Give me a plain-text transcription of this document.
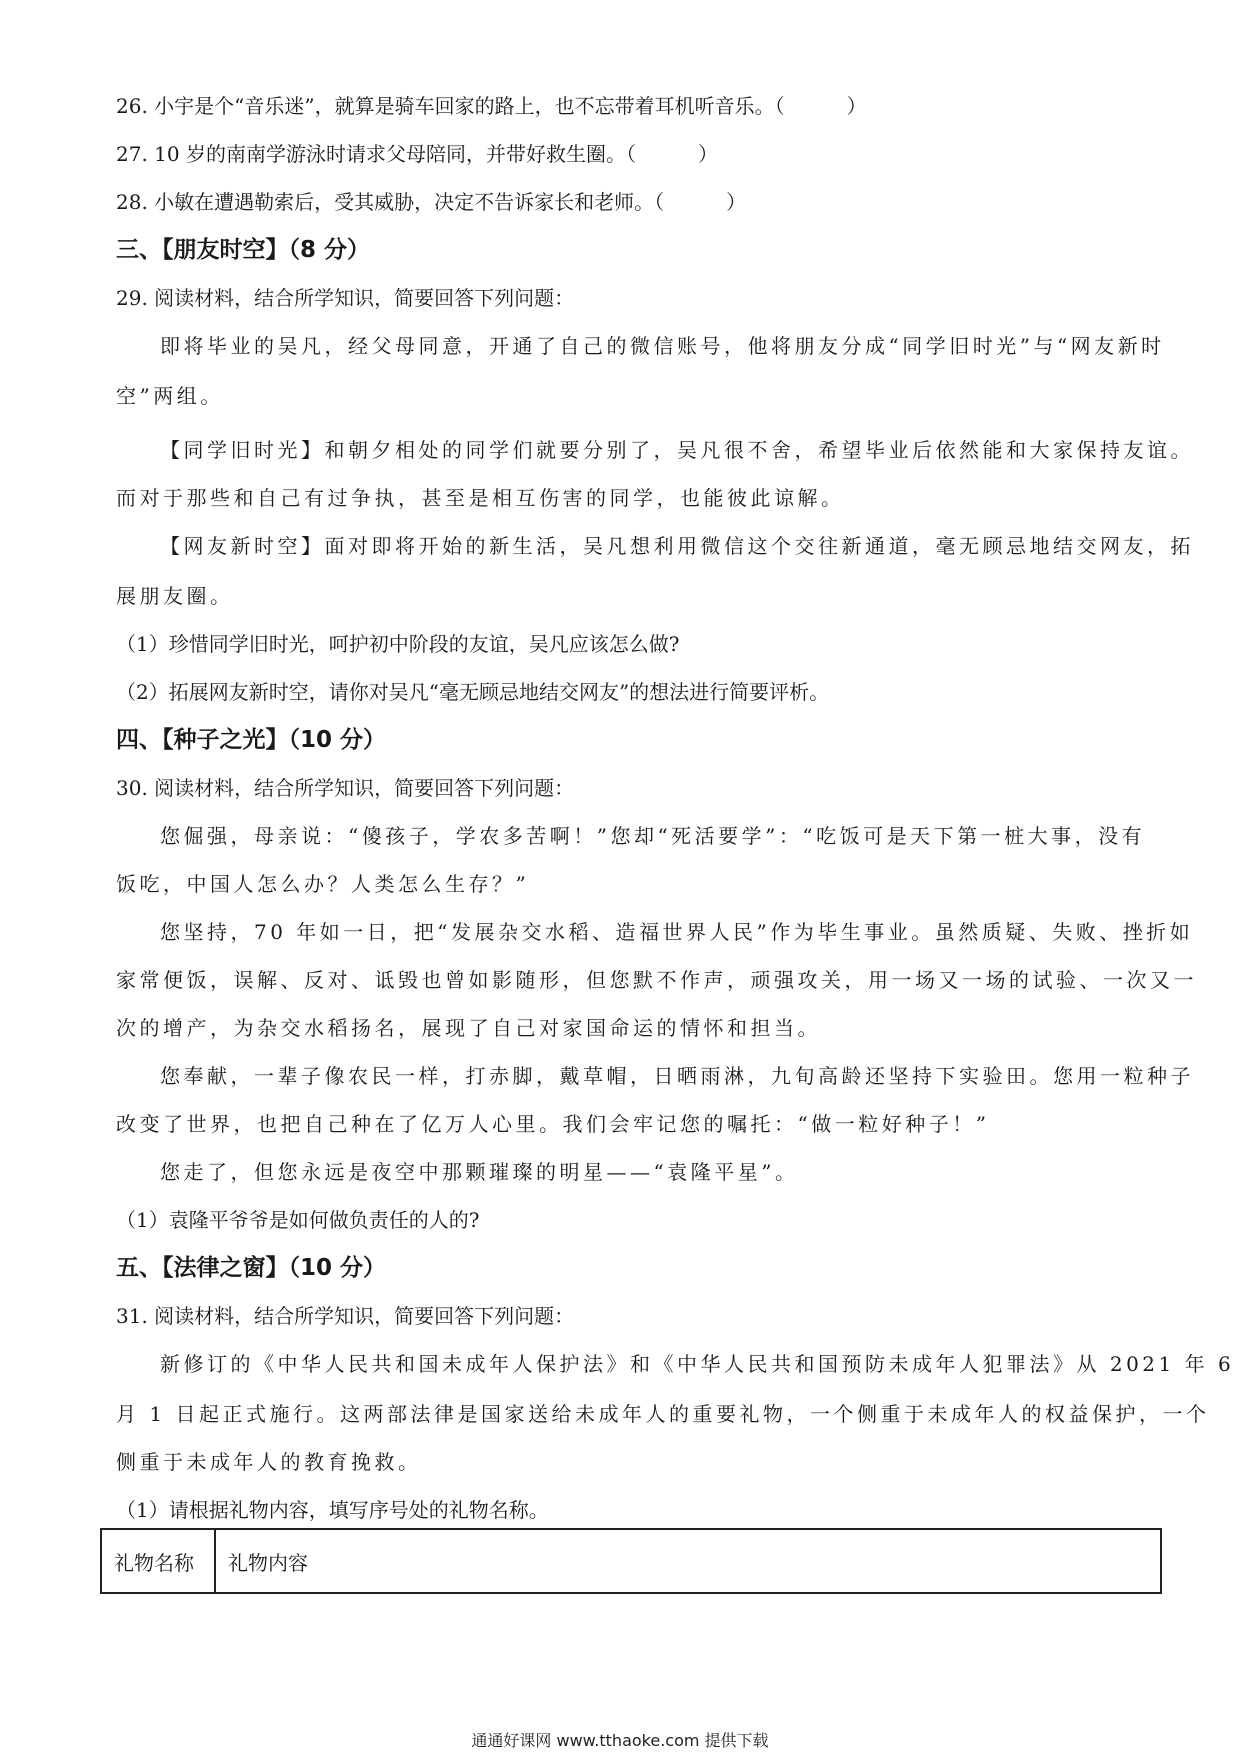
26. 小宇是个“音乐迷”，就算是骑车回家的路上，也不忘带着耳机听音乐。（	）
27. 10 岁的南南学游泳时请求父母陪同，并带好救生圈。（	）
28. 小敏在遭遇勒索后，受其威胁，决定不告诉家长和老师。（	）
三、【朋友时空】（8 分）
29. 阅读材料，结合所学知识，简要回答下列问题：
即将毕业的吴凡，经父母同意，开通了自己的微信账号，他将朋友分成“同学旧时光”与“网友新时
空”两组。
【同学旧时光】和朝夕相处的同学们就要分别了，吴凡很不舍，希望毕业后依然能和大家保持友谊。
而对于那些和自己有过争执，甚至是相互伤害的同学，也能彼此谅解。
【网友新时空】面对即将开始的新生活，吴凡想利用微信这个交往新通道，毫无顾忌地结交网友，拓
展朋友圈。
（1）珍惜同学旧时光，呵护初中阶段的友谊，吴凡应该怎么做?
（2）拓展网友新时空，请你对吴凡“毫无顾忌地结交网友”的想法进行简要评析。
四、【种子之光】（10 分）
30. 阅读材料，结合所学知识，简要回答下列问题：
您倔强，母亲说：“傻孩子，学农多苦啊！”您却“死活要学”：“吃饭可是天下第一桩大事，没有
饭吃，中国人怎么办？人类怎么生存？”
您坚持，70 年如一日，把“发展杂交水稻、造福世界人民”作为毕生事业。虽然质疑、失败、挫折如
家常便饭，误解、反对、诋毁也曾如影随形，但您默不作声，顽强攻关，用一场又一场的试验、一次又一
次的增产，为杂交水稻扬名，展现了自己对家国命运的情怀和担当。
您奉献，一辈子像农民一样，打赤脚，戴草帽，日晒雨淋，九旬高龄还坚持下实验田。您用一粒种子
改变了世界，也把自己种在了亿万人心里。我们会牢记您的嘱托：“做一粒好种子！”
您走了，但您永远是夜空中那颗璀璨的明星——“袁隆平星”。
（1）袁隆平爷爷是如何做负责任的人的?
五、【法律之窗】（10 分）
31. 阅读材料，结合所学知识，简要回答下列问题：
新修订的《中华人民共和国未成年人保护法》和《中华人民共和国预防未成年人犯罪法》从 2021 年 6
月 1 日起正式施行。这两部法律是国家送给未成年人的重要礼物，一个侧重于未成年人的权益保护，一个
侧重于未成年人的教育挽救。
（1）请根据礼物内容，填写序号处的礼物名称。
礼物名称	礼物内容
通通好课网 www.tthaoke.com 提供下载
